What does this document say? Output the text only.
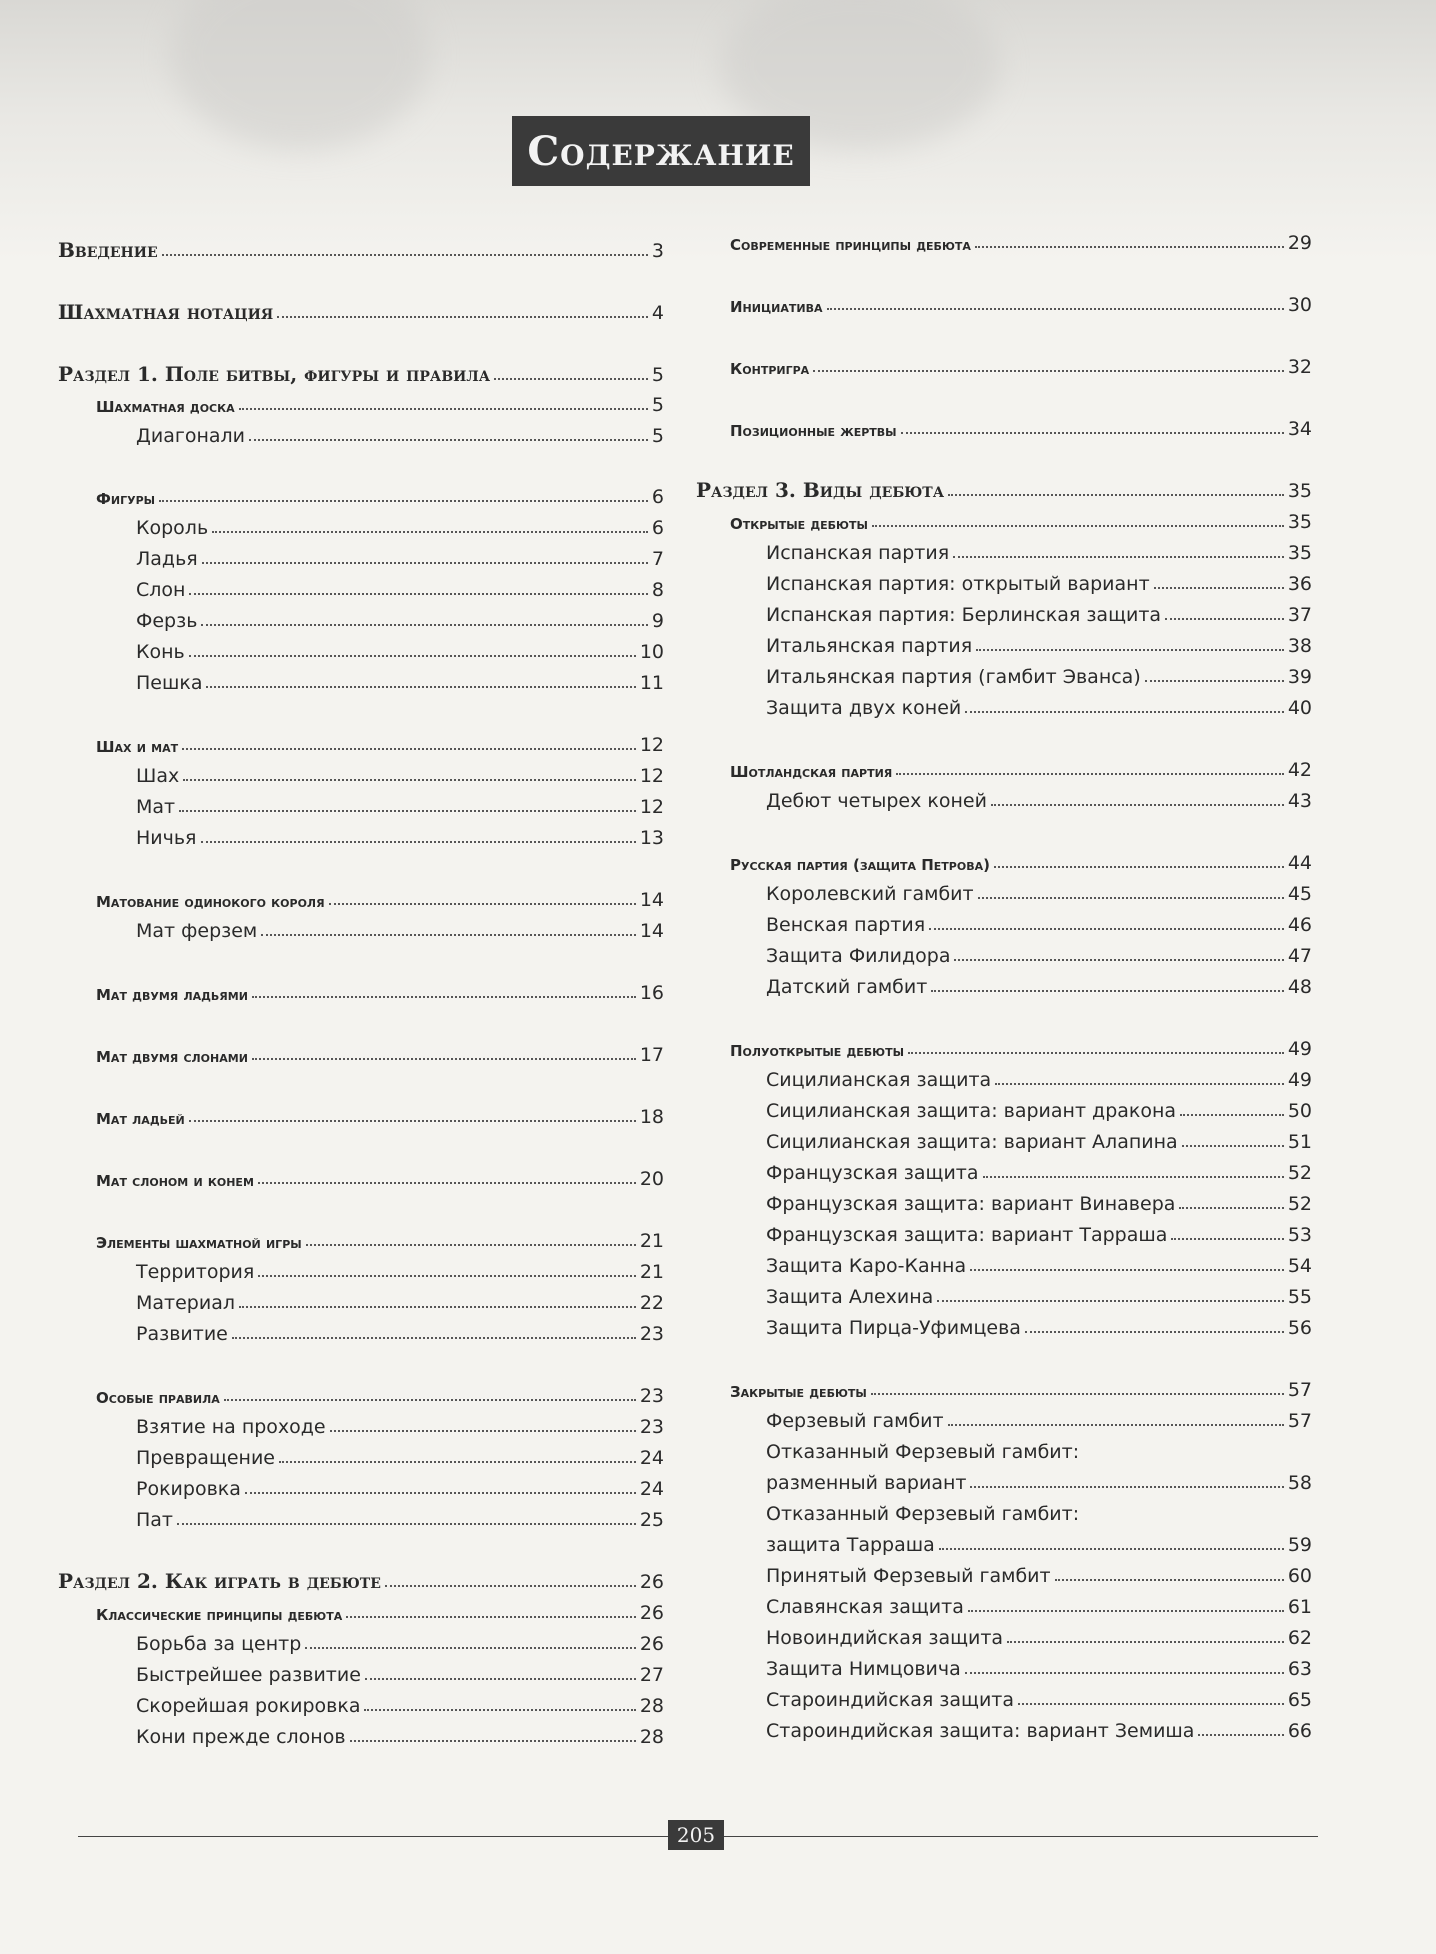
Содержание
Введение	3
Шахматная нотация	4
Раздел 1. Поле битвы, фигуры и правила	5
Шахматная доска	5
Диагонали	5
Фигуры	6
Король	6
Ладья	7
Слон	8
Ферзь	9
Конь	10
Пешка	11
Шах и мат	12
Шах	12
Мат	12
Ничья	13
Матование одинокого короля	14
Мат ферзем	14
Мат двумя ладьями	16
Мат двумя слонами	17
Мат ладьей	18
Мат слоном и конем	20
Элементы шахматной игры	21
Территория	21
Материал	22
Развитие	23
Особые правила	23
Взятие на проходе	23
Превращение	24
Рокировка	24
Пат	25
Раздел 2. Как играть в дебюте	26
Классические принципы дебюта	26
Борьба за центр	26
Быстрейшее развитие	27
Скорейшая рокировка	28
Кони прежде слонов	28
Современные принципы дебюта	29
Инициатива	30
Контригра	32
Позиционные жертвы	34
Раздел 3. Виды дебюта	35
Открытые дебюты	35
Испанская партия	35
Испанская партия: открытый вариант	36
Испанская партия: Берлинская защита	37
Итальянская партия	38
Итальянская партия (гамбит Эванса)	39
Защита двух коней	40
Шотландская партия	42
Дебют четырех коней	43
Русская партия (защита Петрова)	44
Королевский гамбит	45
Венская партия	46
Защита Филидора	47
Датский гамбит	48
Полуоткрытые дебюты	49
Сицилианская защита	49
Сицилианская защита: вариант дракона	50
Сицилианская защита: вариант Алапина	51
Французская защита	52
Французская защита: вариант Винавера	52
Французская защита: вариант Тарраша	53
Защита Каро-Канна	54
Защита Алехина	55
Защита Пирца-Уфимцева	56
Закрытые дебюты	57
Ферзевый гамбит	57
Отказанный Ферзевый гамбит:
разменный вариант	58
Отказанный Ферзевый гамбит:
защита Тарраша	59
Принятый Ферзевый гамбит	60
Славянская защита	61
Новоиндийская защита	62
Защита Нимцовича	63
Староиндийская защита	65
Староиндийская защита: вариант Земиша	66
205
